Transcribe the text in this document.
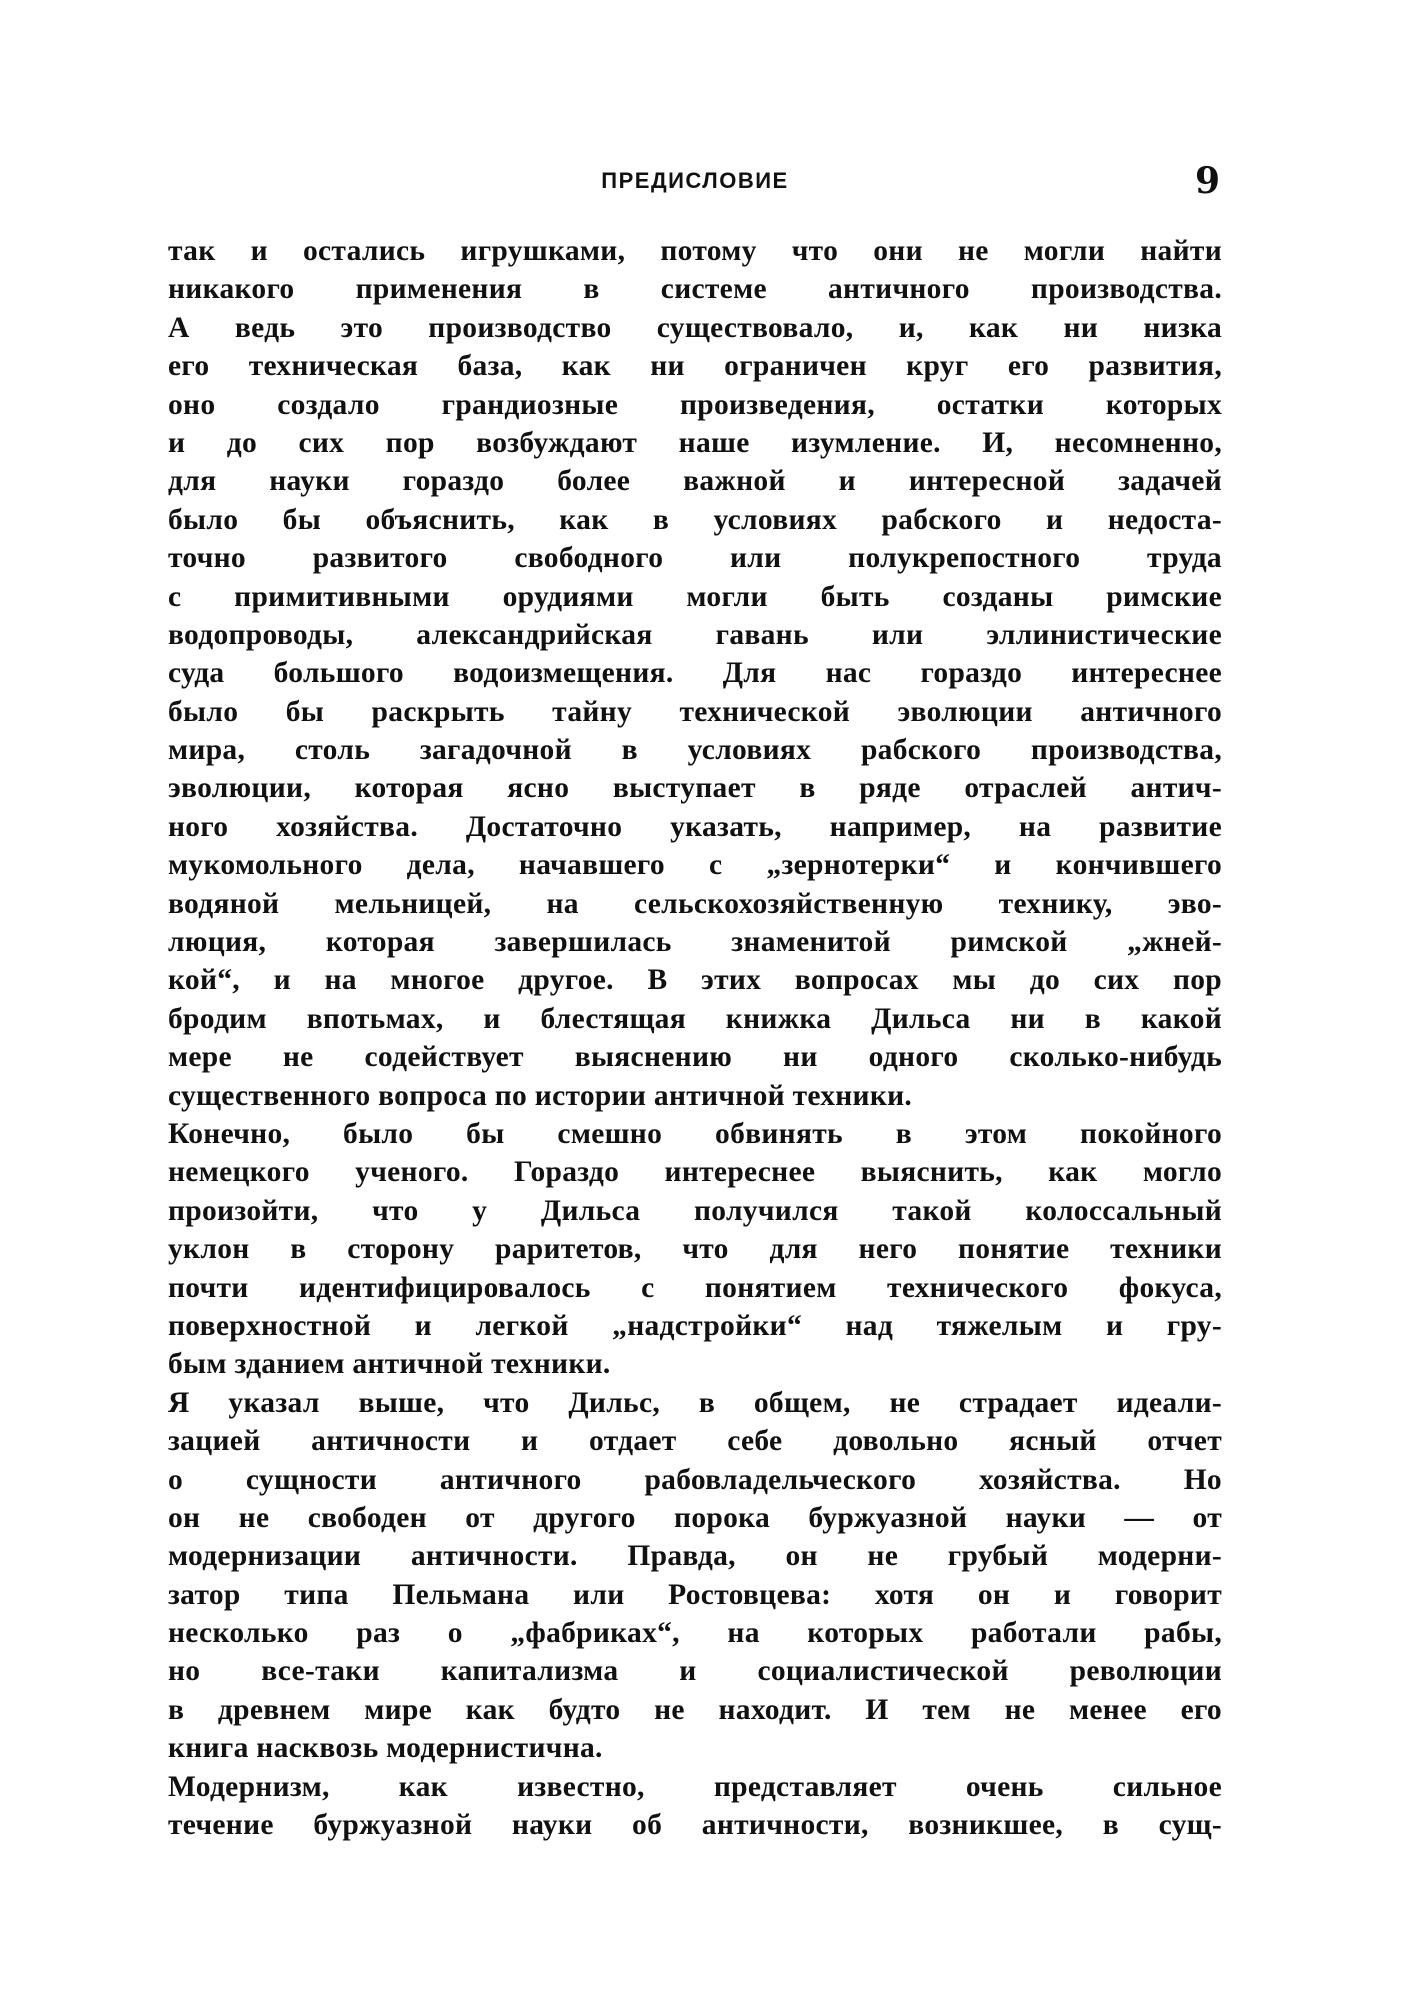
ПРЕДИСЛОВИЕ	9
так и остались игрушками, потому что они не могли найти
никакого применения в системе античного производства.
А ведь это производство существовало, и, как ни низка
его техническая база, как ни ограничен круг его развития,
оно создало грандиозные произведения, остатки которых
и до сих пор возбуждают наше изумление. И, несомненно,
для науки гораздо более важной и интересной задачей
было бы объяснить, как в условиях рабского и недоста-
точно развитого свободного или полукрепостного труда
с примитивными орудиями могли быть созданы римские
водопроводы, александрийская гавань или эллинистические
суда большого водоизмещения. Для нас гораздо интереснее
было бы раскрыть тайну технической эволюции античного
мира, столь загадочной в условиях рабского производства,
эволюции, которая ясно выступает в ряде отраслей антич-
ного хозяйства. Достаточно указать, например, на развитие
мукомольного дела, начавшего с „зернотерки“ и кончившего
водяной мельницей, на сельскохозяйственную технику, эво-
люция, которая завершилась знаменитой римской „жней-
кой“, и на многое другое. В этих вопросах мы до сих пор
бродим впотьмах, и блестящая книжка Дильса ни в какой
мере не содействует выяснению ни одного сколько-нибудь
существенного вопроса по истории античной техники.
Конечно, было бы смешно обвинять в этом покойного
немецкого ученого. Гораздо интереснее выяснить, как могло
произойти, что у Дильса получился такой колоссальный
уклон в сторону раритетов, что для него понятие техники
почти идентифицировалось с понятием технического фокуса,
поверхностной и легкой „надстройки“ над тяжелым и гру-
бым зданием античной техники.
Я указал выше, что Дильс, в общем, не страдает идеали-
зацией античности и отдает себе довольно ясный отчет
о сущности античного рабовладельческого хозяйства. Но
он не свободен от другого порока буржуазной науки — от
модернизации античности. Правда, он не грубый модерни-
затор типа Пельмана или Ростовцева: хотя он и говорит
несколько раз о „фабриках“, на которых работали рабы,
но все-таки капитализма и социалистической революции
в древнем мире как будто не находит. И тем не менее его
книга насквозь модернистична.
Модернизм, как известно, представляет очень сильное
течение буржуазной науки об античности, возникшее, в сущ-
